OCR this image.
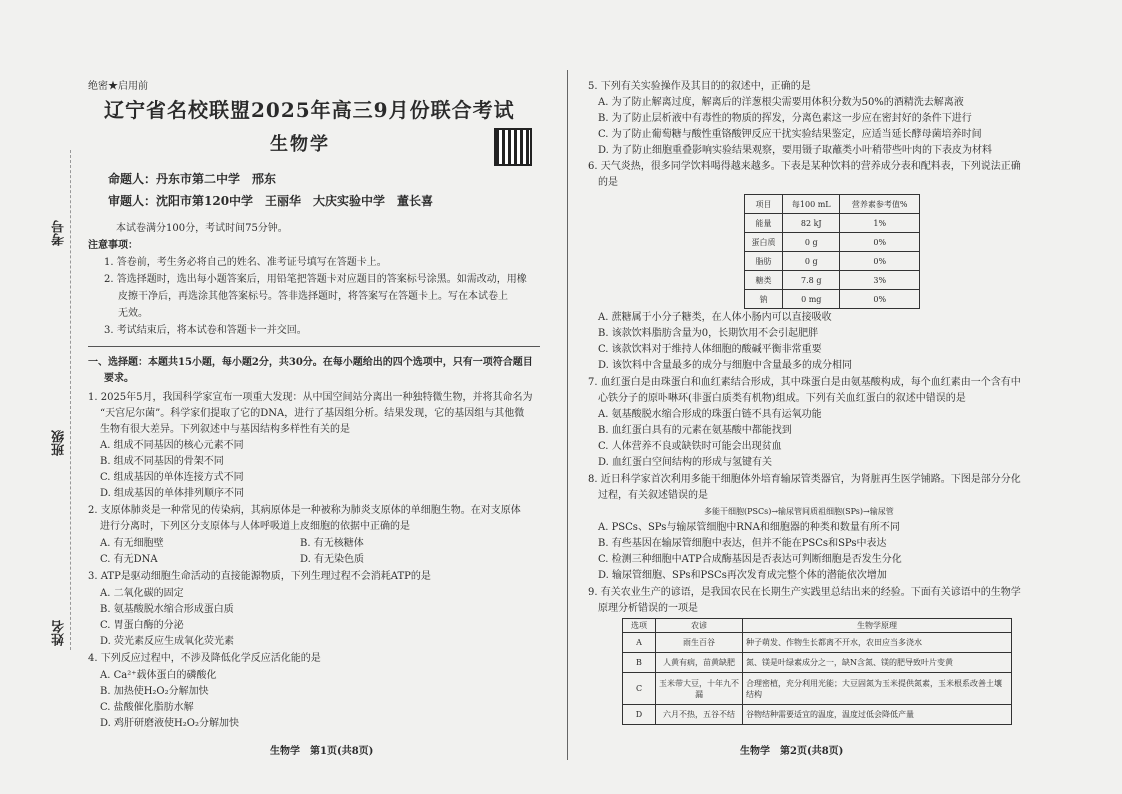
绝密★启用前
辽宁省名校联盟2025年高三9月份联合考试
生物学
命题人：丹东市第二中学　邢东
审题人：沈阳市第120中学　王丽华　大庆实验中学　董长喜
考号
班级
姓名
本试卷满分100分，考试时间75分钟。
注意事项：
1. 答卷前，考生务必将自己的姓名、准考证号填写在答题卡上。
2. 答选择题时，选出每小题答案后，用铅笔把答题卡对应题目的答案标号涂黑。如需改动，用橡
皮擦干净后，再选涂其他答案标号。答非选择题时，将答案写在答题卡上。写在本试卷上
无效。
3. 考试结束后，将本试卷和答题卡一并交回。
一、选择题：本题共15小题，每小题2分，共30分。在每小题给出的四个选项中，只有一项符合题目
要求。
1. 2025年5月，我国科学家宣布一项重大发现：从中国空间站分离出一种独特微生物，并将其命名为
“天宫尼尔菌”。科学家们提取了它的DNA，进行了基因组分析。结果发现，它的基因组与其他微
生物有很大差异。下列叙述中与基因结构多样性有关的是
A. 组成不同基因的核心元素不同
B. 组成不同基因的骨架不同
C. 组成基因的单体连接方式不同
D. 组成基因的单体排列顺序不同
2. 支原体肺炎是一种常见的传染病，其病原体是一种被称为肺炎支原体的单细胞生物。在对支原体
进行分离时，下列区分支原体与人体呼吸道上皮细胞的依据中正确的是
A. 有无细胞壁	B. 有无核糖体
C. 有无DNA	D. 有无染色质
3. ATP是驱动细胞生命活动的直接能源物质，下列生理过程不会消耗ATP的是
A. 二氧化碳的固定
B. 氨基酸脱水缩合形成蛋白质
C. 胃蛋白酶的分泌
D. 荧光素反应生成氧化荧光素
4. 下列反应过程中，不涉及降低化学反应活化能的是
A. Ca²⁺载体蛋白的磷酸化
B. 加热使H₂O₂分解加快
C. 盐酸催化脂肪水解
D. 鸡肝研磨液使H₂O₂分解加快
生物学　第1页(共8页)
5. 下列有关实验操作及其目的的叙述中，正确的是
A. 为了防止解离过度，解离后的洋葱根尖需要用体积分数为50%的酒精洗去解离液
B. 为了防止层析液中有毒性的物质的挥发，分离色素这一步应在密封好的条件下进行
C. 为了防止葡萄糖与酸性重铬酸钾反应干扰实验结果鉴定，应适当延长酵母菌培养时间
D. 为了防止细胞重叠影响实验结果观察，要用镊子取蘸类小叶稍带些叶肉的下表皮为材料
6. 天气炎热，很多同学饮料喝得越来越多。下表是某种饮料的营养成分表和配料表，下列说法正确
的是
项目	每100 mL	营养素参考值%
能量	82 kJ	1%
蛋白质	0 g	0%
脂肪	0 g	0%
糖类	7.8 g	3%
钠	0 mg	0%
A. 蔗糖属于小分子糖类，在人体小肠内可以直接吸收
B. 该款饮料脂肪含量为0，长期饮用不会引起肥胖
C. 该款饮料对于维持人体细胞的酸碱平衡非常重要
D. 该饮料中含量最多的成分与细胞中含量最多的成分相同
7. 血红蛋白是由珠蛋白和血红素结合形成，其中珠蛋白是由氨基酸构成，每个血红素由一个含有中
心铁分子的原卟啉环(非蛋白质类有机物)组成。下列有关血红蛋白的叙述中错误的是
A. 氨基酸脱水缩合形成的珠蛋白链不具有运氧功能
B. 血红蛋白具有的元素在氨基酸中都能找到
C. 人体营养不良或缺铁时可能会出现贫血
D. 血红蛋白空间结构的形成与氢键有关
8. 近日科学家首次利用多能干细胞体外培育输尿管类器官，为肾脏再生医学铺路。下图是部分分化
过程，有关叙述错误的是
多能干细胞(PSCs)→输尿管间质祖细胞(SPs)→输尿管
A. PSCs、SPs与输尿管细胞中RNA和细胞器的种类和数量有所不同
B. 有些基因在输尿管细胞中表达，但并不能在PSCs和SPs中表达
C. 检测三种细胞中ATP合成酶基因是否表达可判断细胞是否发生分化
D. 输尿管细胞、SPs和PSCs再次发育成完整个体的潜能依次增加
9. 有关农业生产的谚语，是我国农民在长期生产实践里总结出来的经验。下面有关谚语中的生物学
原理分析错误的一项是
选项	农谚	生物学原理
A	雨生百谷	种子萌发、作物生长都离不开水，农田应当多浇水
B	人黄有病，苗黄缺肥	氮、镁是叶绿素成分之一，缺N含氮、镁的肥导致叶片变黄
C	玉米带大豆，十年九不漏	合理密植，充分利用光能；大豆固氮为玉米提供氮素，玉米根系改善土壤结构
D	六月不热，五谷不结	谷物结种需要适宜的温度，温度过低会降低产量
生物学　第2页(共8页)
